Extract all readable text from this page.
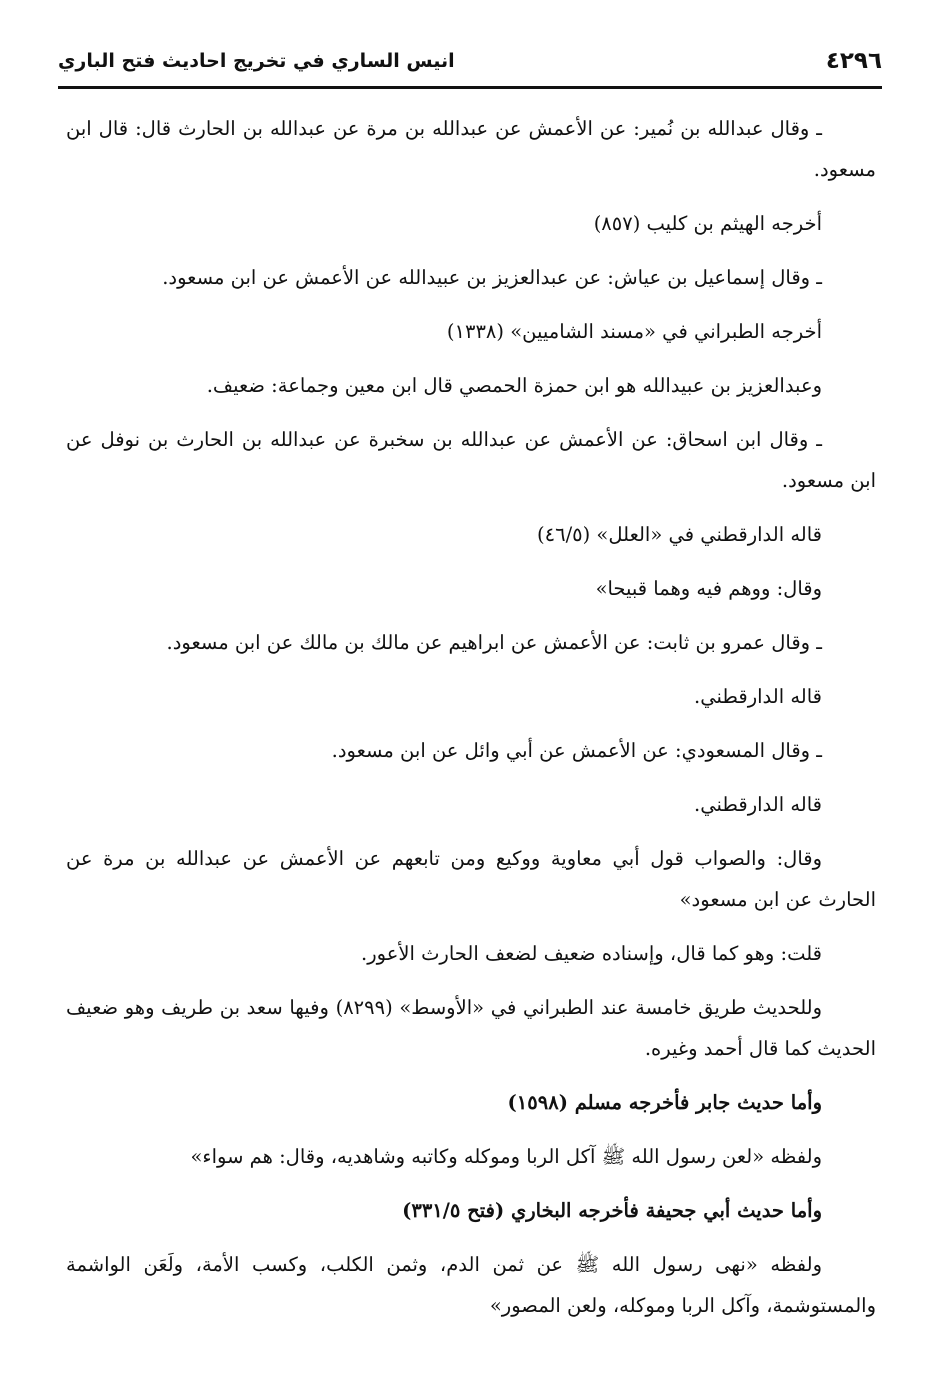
٤٢٩٦
انيس الساري في تخريج احاديث فتح الباري

ـ وقال عبدالله بن نُمير: عن الأعمش عن عبدالله بن مرة عن عبدالله بن الحارث قال: قال ابن مسعود.

أخرجه الهيثم بن كليب (٨٥٧)

ـ وقال إسماعيل بن عياش: عن عبدالعزيز بن عبيدالله عن الأعمش عن ابن مسعود.

أخرجه الطبراني في «مسند الشاميين» (١٣٣٨)

وعبدالعزيز بن عبيدالله هو ابن حمزة الحمصي قال ابن معين وجماعة: ضعيف.

ـ وقال ابن اسحاق: عن الأعمش عن عبدالله بن سخبرة عن عبدالله بن الحارث بن نوفل عن ابن مسعود.

قاله الدارقطني في «العلل» (٤٦/٥)

وقال: ووهم فيه وهما قبيحا»

ـ وقال عمرو بن ثابت: عن الأعمش عن ابراهيم عن مالك بن مالك عن ابن مسعود.

قاله الدارقطني.

ـ وقال المسعودي: عن الأعمش عن أبي وائل عن ابن مسعود.

قاله الدارقطني.

وقال: والصواب قول أبي معاوية ووكيع ومن تابعهم عن الأعمش عن عبدالله بن مرة عن الحارث عن ابن مسعود»

قلت: وهو كما قال، وإسناده ضعيف لضعف الحارث الأعور.

وللحديث طريق خامسة عند الطبراني في «الأوسط» (٨٢٩٩) وفيها سعد بن طريف وهو ضعيف الحديث كما قال أحمد وغيره.

وأما حديث جابر فأخرجه مسلم (١٥٩٨)

ولفظه «لعن رسول الله ﷺ آكل الربا وموكله وكاتبه وشاهديه، وقال: هم سواء»

وأما حديث أبي جحيفة فأخرجه البخاري (فتح ٣٣١/٥)

ولفظه «نهى رسول الله ﷺ عن ثمن الدم، وثمن الكلب، وكسب الأمة، ولَعَن الواشمة والمستوشمة، وآكل الربا وموكله، ولعن المصور»
